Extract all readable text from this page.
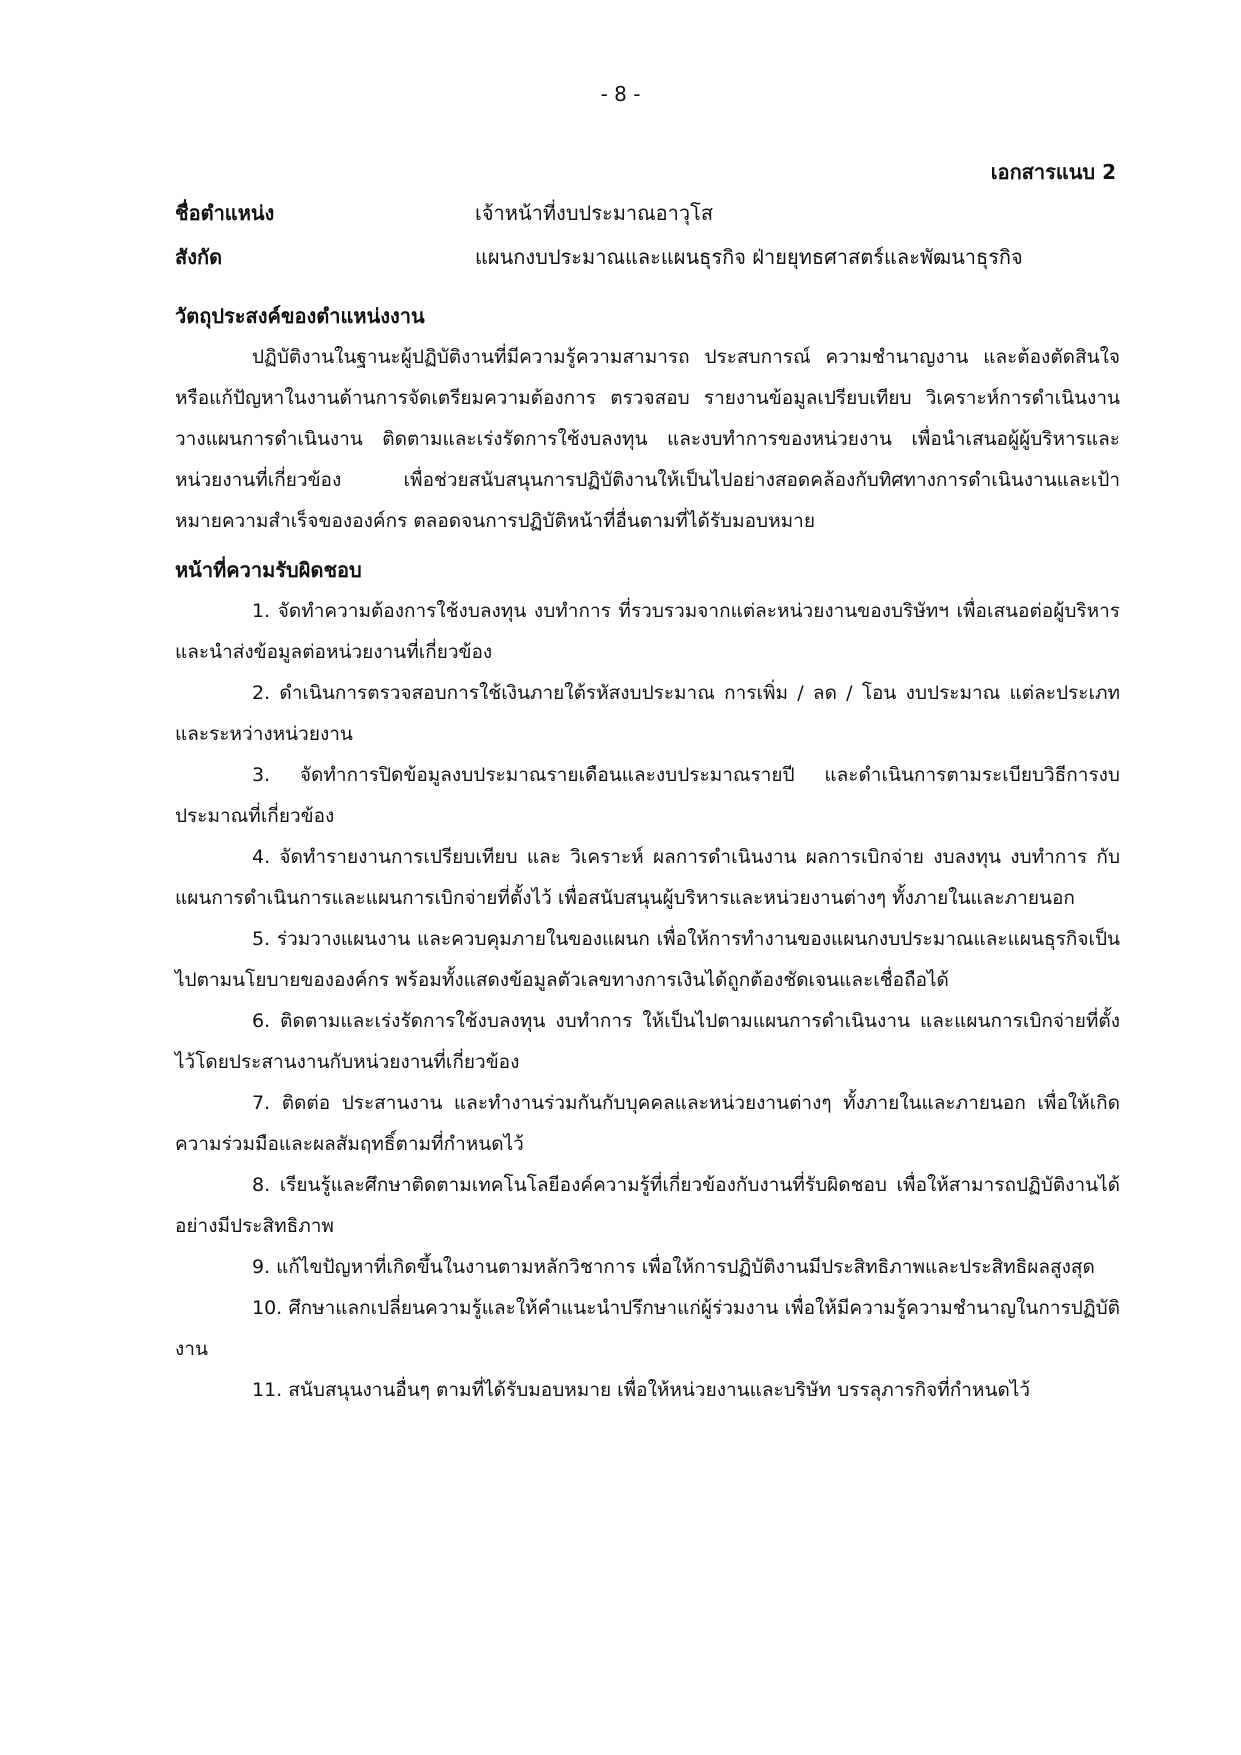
- 8 -
เอกสารแนบ 2
ชื่อตำแหน่ง	เจ้าหน้าที่งบประมาณอาวุโส
สังกัด	แผนกงบประมาณและแผนธุรกิจ ฝ่ายยุทธศาสตร์และพัฒนาธุรกิจ

วัตถุประสงค์ของตำแหน่งงาน

ปฏิบัติงานในฐานะผู้ปฏิบัติงานที่มีความรู้ความสามารถ ประสบการณ์ ความชำนาญงาน และต้องตัดสินใจหรือแก้ปัญหาในงานด้านการจัดเตรียมความต้องการ ตรวจสอบ รายงานข้อมูลเปรียบเทียบ วิเคราะห์การดำเนินงาน วางแผนการดำเนินงาน ติดตามและเร่งรัดการใช้งบลงทุน และงบทำการของหน่วยงาน เพื่อนำเสนอผู้ผู้บริหารและหน่วยงานที่เกี่ยวข้อง เพื่อช่วยสนับสนุนการปฏิบัติงานให้เป็นไปอย่างสอดคล้องกับทิศทางการดำเนินงานและเป้าหมายความสำเร็จขององค์กร ตลอดจนการปฏิบัติหน้าที่อื่นตามที่ได้รับมอบหมาย

หน้าที่ความรับผิดชอบ

1. จัดทำความต้องการใช้งบลงทุน งบทำการ ที่รวบรวมจากแต่ละหน่วยงานของบริษัทฯ เพื่อเสนอต่อผู้บริหารและนำส่งข้อมูลต่อหน่วยงานที่เกี่ยวข้อง

2. ดำเนินการตรวจสอบการใช้เงินภายใต้รหัสงบประมาณ การเพิ่ม / ลด / โอน งบประมาณ แต่ละประเภทและระหว่างหน่วยงาน

3. จัดทำการปิดข้อมูลงบประมาณรายเดือนและงบประมาณรายปี และดำเนินการตามระเบียบวิธีการงบประมาณที่เกี่ยวข้อง

4. จัดทำรายงานการเปรียบเทียบ และ วิเคราะห์ ผลการดำเนินงาน ผลการเบิกจ่าย งบลงทุน งบทำการ กับแผนการดำเนินการและแผนการเบิกจ่ายที่ตั้งไว้ เพื่อสนับสนุนผู้บริหารและหน่วยงานต่างๆ ทั้งภายในและภายนอก

5. ร่วมวางแผนงาน และควบคุมภายในของแผนก เพื่อให้การทำงานของแผนกงบประมาณและแผนธุรกิจเป็นไปตามนโยบายขององค์กร พร้อมทั้งแสดงข้อมูลตัวเลขทางการเงินได้ถูกต้องชัดเจนและเชื่อถือได้

6. ติดตามและเร่งรัดการใช้งบลงทุน งบทำการ ให้เป็นไปตามแผนการดำเนินงาน และแผนการเบิกจ่ายที่ตั้งไว้โดยประสานงานกับหน่วยงานที่เกี่ยวข้อง

7. ติดต่อ ประสานงาน และทำงานร่วมกันกับบุคคลและหน่วยงานต่างๆ ทั้งภายในและภายนอก เพื่อให้เกิดความร่วมมือและผลสัมฤทธิ์ตามที่กำหนดไว้

8. เรียนรู้และศึกษาติดตามเทคโนโลยีองค์ความรู้ที่เกี่ยวข้องกับงานที่รับผิดชอบ เพื่อให้สามารถปฏิบัติงานได้อย่างมีประสิทธิภาพ

9. แก้ไขปัญหาที่เกิดขึ้นในงานตามหลักวิชาการ เพื่อให้การปฏิบัติงานมีประสิทธิภาพและประสิทธิผลสูงสุด

10. ศึกษาแลกเปลี่ยนความรู้และให้คำแนะนำปรึกษาแก่ผู้ร่วมงาน เพื่อให้มีความรู้ความชำนาญในการปฏิบัติงาน

11. สนับสนุนงานอื่นๆ ตามที่ได้รับมอบหมาย เพื่อให้หน่วยงานและบริษัท บรรลุภารกิจที่กำหนดไว้
